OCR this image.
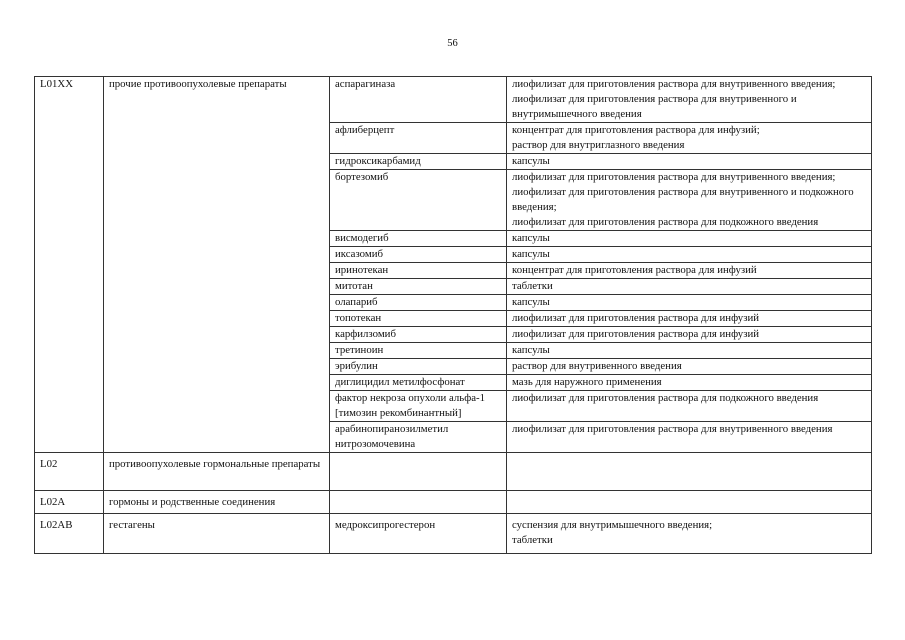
56
L01XX	прочие противоопухолевые препараты	аспарагиназа	лиофилизат для приготовления раствора для внутривенного введения;
лиофилизат для приготовления раствора для внутривенного и внутримышечного введения

		афлиберцепт	концентрат для приготовления раствора для инфузий;
раствор для внутриглазного введения

		гидроксикарбамид	капсулы

		бортезомиб	лиофилизат для приготовления раствора для внутривенного введения;
лиофилизат для приготовления раствора для внутривенного и подкожного введения;
лиофилизат для приготовления раствора для подкожного введения

		висмодегиб	капсулы

		иксазомиб	капсулы

		иринотекан	концентрат для приготовления раствора для инфузий

		митотан	таблетки

		олапариб	капсулы

		топотекан	лиофилизат для приготовления раствора для инфузий

		карфилзомиб	лиофилизат для приготовления раствора для инфузий

		третиноин	капсулы

		эрибулин	раствор для внутривенного введения

		диглицидил метилфосфонат	мазь для наружного применения

		фактор некроза опухоли альфа-1 [тимозин рекомбинантный]	лиофилизат для приготовления раствора для подкожного введения

		арабинопиранозилметил нитрозомочевина	лиофилизат для приготовления раствора для внутривенного введения

L02	противоопухолевые гормональные препараты		

L02A	гормоны и родственные соединения		

L02AB	гестагены	медроксипрогестерон	суспензия для внутримышечного введения;
таблетки
